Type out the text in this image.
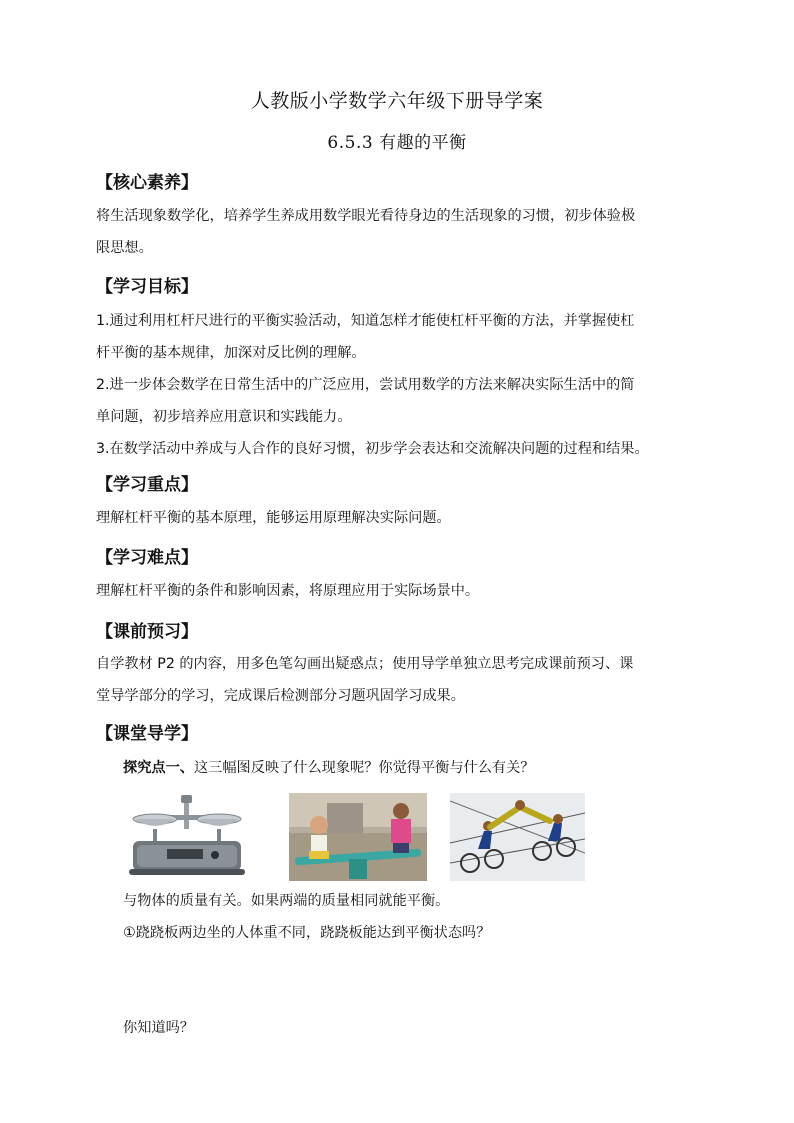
人教版小学数学六年级下册导学案
6.5.3 有趣的平衡
【核心素养】
将生活现象数学化，培养学生养成用数学眼光看待身边的生活现象的习惯，初步体验极
限思想。
【学习目标】
1.通过利用杠杆尺进行的平衡实验活动，知道怎样才能使杠杆平衡的方法，并掌握使杠
杆平衡的基本规律，加深对反比例的理解。
2.进一步体会数学在日常生活中的广泛应用，尝试用数学的方法来解决实际生活中的简
单问题，初步培养应用意识和实践能力。
3.在数学活动中养成与人合作的良好习惯，初步学会表达和交流解决问题的过程和结果。
【学习重点】
理解杠杆平衡的基本原理，能够运用原理解决实际问题。
【学习难点】
理解杠杆平衡的条件和影响因素，将原理应用于实际场景中。
【课前预习】
自学教材 P2 的内容，用多色笔勾画出疑惑点；使用导学单独立思考完成课前预习、课
堂导学部分的学习，完成课后检测部分习题巩固学习成果。
【课堂导学】
探究点一、这三幅图反映了什么现象呢？你觉得平衡与什么有关？
与物体的质量有关。如果两端的质量相同就能平衡。
①跷跷板两边坐的人体重不同，跷跷板能达到平衡状态吗？
你知道吗？
